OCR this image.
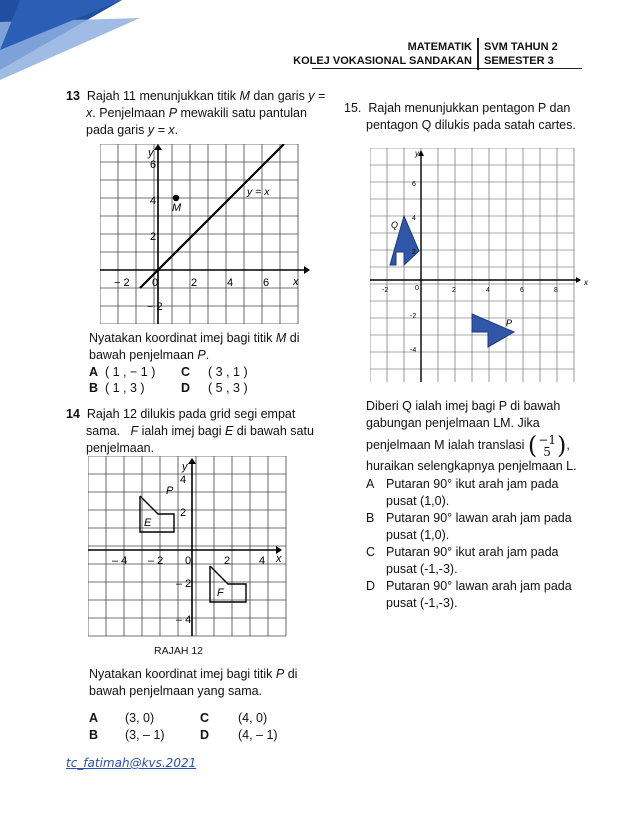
MATEMATIK
KOLEJ VOKASIONAL SANDAKAN
SVM TAHUN 2
SEMESTER 3
13 Rajah 11 menunjukkan titik M dan garis y =
x. Penjelmaan P mewakili satu pantulan
pada garis y = x.
y
x
y = x
M
− 2 0	2	4	6
6
4
2
− 2
Nyatakan koordinat imej bagi titik M di
bawah penjelmaan P.
A ( 1 , − 1 ) C ( 3 , 1 )
B ( 1 , 3 )	D ( 5 , 3 )
14 Rajah 12 dilukis pada grid segi empat
sama.   F ialah imej bagi E di bawah satu
penjelmaan.
y
x
P
E
F
– 4 – 2 0	2	4
4
2
– 2
– 4
RAJAH 12
Nyatakan koordinat imej bagi titik P di
bawah penjelmaan yang sama.
A (3, 0)	C (4, 0)
B (3, – 1)	D (4, – 1)
15. Rajah menunjukkan pentagon P dan
pentagon Q dilukis pada satah cartes.
y
x
P
Q
-2	0	2	4	6	8
6
4
2
-2
-4
Diberi Q ialah imej bagi P di bawah
gabungan penjelmaan LM. Jika
penjelmaan M ialah translasi ( −1
5 ),
huraikan selengkapnya penjelmaan L.
A Putaran 90° ikut arah jam pada
pusat (1,0).
B Putaran 90° lawan arah jam pada
pusat (1,0).
C Putaran 90° ikut arah jam pada
pusat (-1,-3).
D Putaran 90° lawan arah jam pada
pusat (-1,-3).
tc_fatimah@kvs.2021
